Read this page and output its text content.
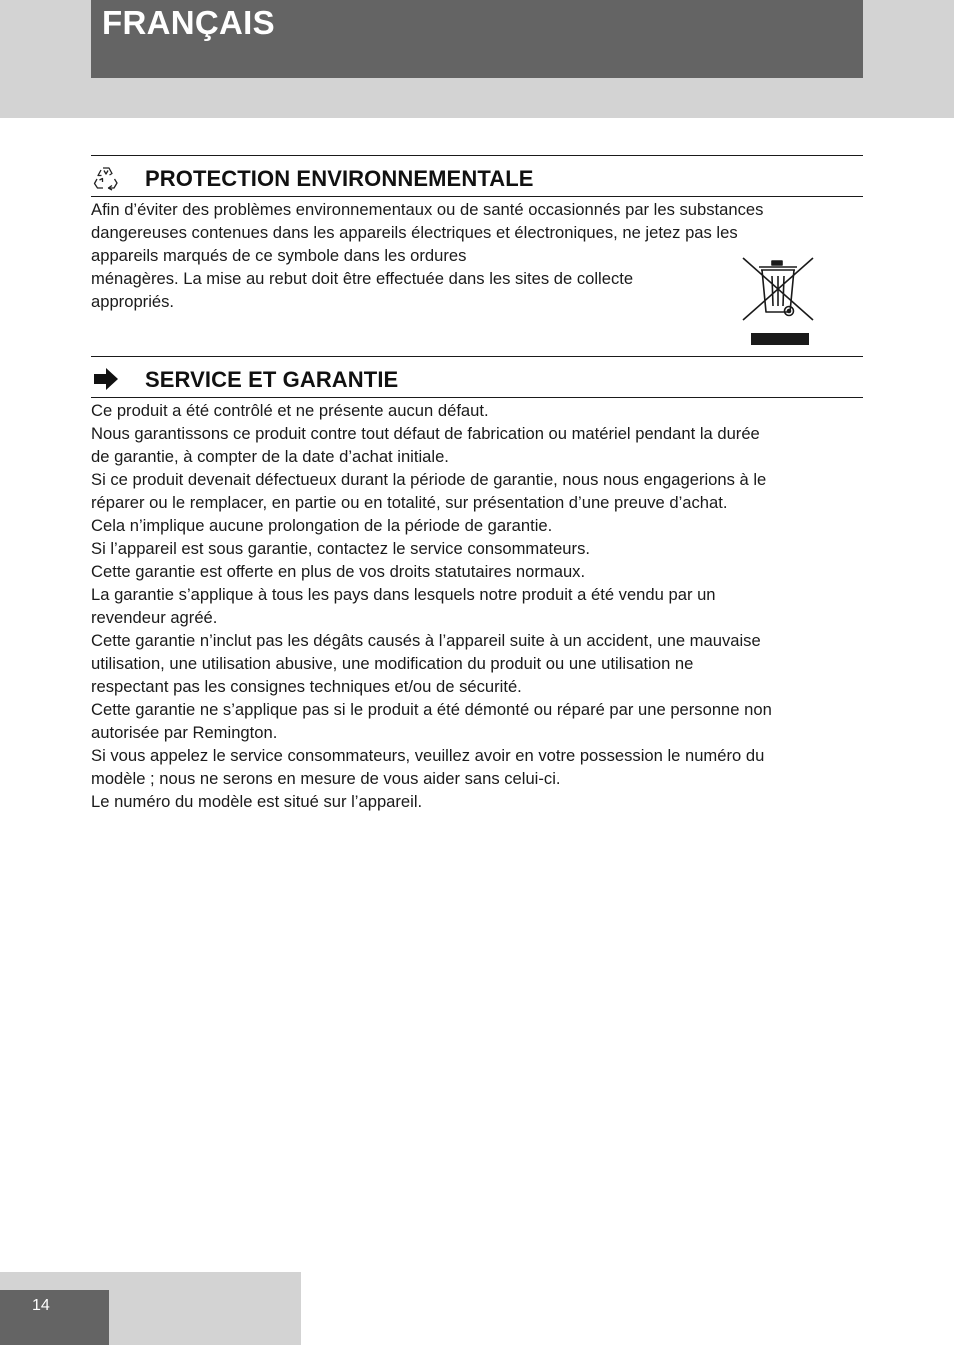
FRANÇAIS
PROTECTION ENVIRONNEMENTALE

Afin d’éviter des problèmes environnementaux ou de santé occasionnés par les substances

dangereuses contenues dans les appareils électriques et électroniques, ne jetez pas les

appareils marqués de ce symbole dans les ordures

ménagères. La mise au rebut doit être effectuée dans les sites de collecte

appropriés.

SERVICE ET GARANTIE

Ce produit a été contrôlé et ne présente aucun défaut.

Nous garantissons ce produit contre tout défaut de fabrication ou matériel pendant la durée

de garantie, à compter de la date d’achat initiale.

Si ce produit devenait défectueux durant la période de garantie, nous nous engagerions à le

réparer ou le remplacer, en partie ou en totalité, sur présentation d’une preuve d’achat.

Cela n’implique aucune prolongation de la période de garantie.

Si l’appareil est sous garantie, contactez le service consommateurs.

Cette garantie est offerte en plus de vos droits statutaires normaux.

La garantie s’applique à tous les pays dans lesquels notre produit a été vendu par un

revendeur agréé.

Cette garantie n’inclut pas les dégâts causés à l’appareil suite à un accident, une mauvaise

utilisation, une utilisation abusive, une modification du produit ou une utilisation ne

respectant pas les consignes techniques et/ou de sécurité.

Cette garantie ne s’applique pas si le produit a été démonté ou réparé par une personne non

autorisée par Remington.

Si vous appelez le service consommateurs, veuillez avoir en votre possession le numéro du

modèle ; nous ne serons en mesure de vous aider sans celui-ci.

Le numéro du modèle est situé sur l’appareil.

14
